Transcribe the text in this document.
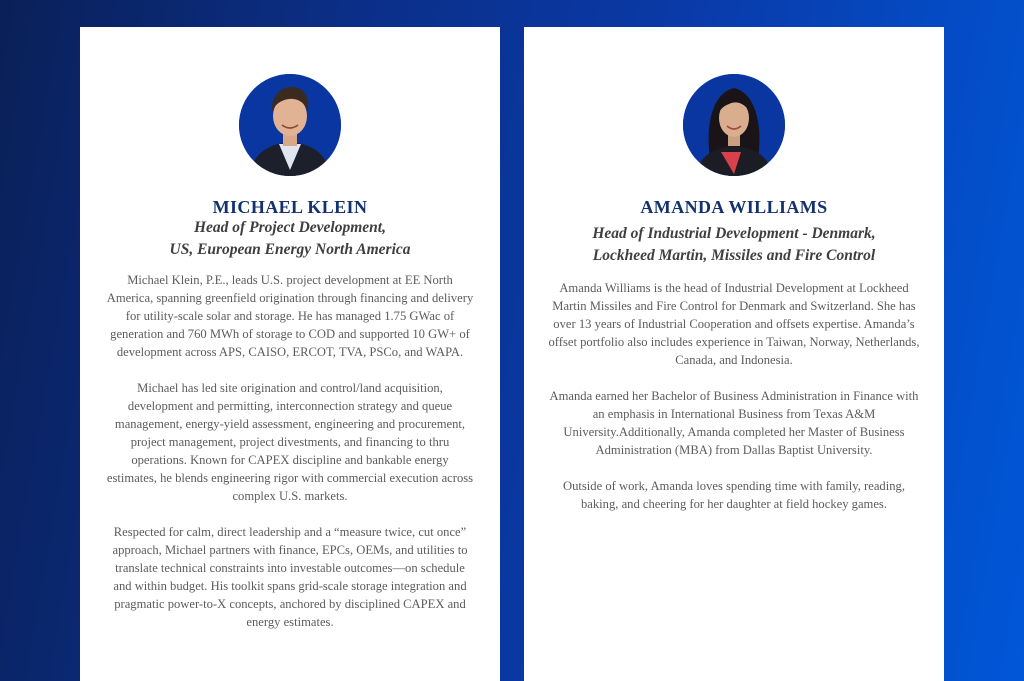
MICHAEL KLEIN
Head of Project Development,
US, European Energy North America

Michael Klein, P.E., leads U.S. project development at EE North America, spanning greenfield origination through financing and delivery for utility-scale solar and storage. He has managed 1.75 GWac of generation and 760 MWh of storage to COD and supported 10 GW+ of development across APS, CAISO, ERCOT, TVA, PSCo, and WAPA.

Michael has led site origination and control/land acquisition, development and permitting, interconnection strategy and queue management, energy-yield assessment, engineering and procurement, project management, project divestments, and financing to thru operations. Known for CAPEX discipline and bankable energy estimates, he blends engineering rigor with commercial execution across complex U.S. markets.

Respected for calm, direct leadership and a “measure twice, cut once” approach, Michael partners with finance, EPCs, OEMs, and utilities to translate technical constraints into investable outcomes—on schedule and within budget. His toolkit spans grid-scale storage integration and pragmatic power-to-X concepts, anchored by disciplined CAPEX and energy estimates.

AMANDA WILLIAMS
Head of Industrial Development - Denmark,
Lockheed Martin, Missiles and Fire Control

Amanda Williams is the head of Industrial Development at Lockheed Martin Missiles and Fire Control for Denmark and Switzerland. She has over 13 years of Industrial Cooperation and offsets expertise. Amanda’s offset portfolio also includes experience in Taiwan, Norway, Netherlands, Canada, and Indonesia.

Amanda earned her Bachelor of Business Administration in Finance with an emphasis in International Business from Texas A&M University.Additionally, Amanda completed her Master of Business Administration (MBA) from Dallas Baptist University.

Outside of work, Amanda loves spending time with family, reading, baking, and cheering for her daughter at field hockey games.
